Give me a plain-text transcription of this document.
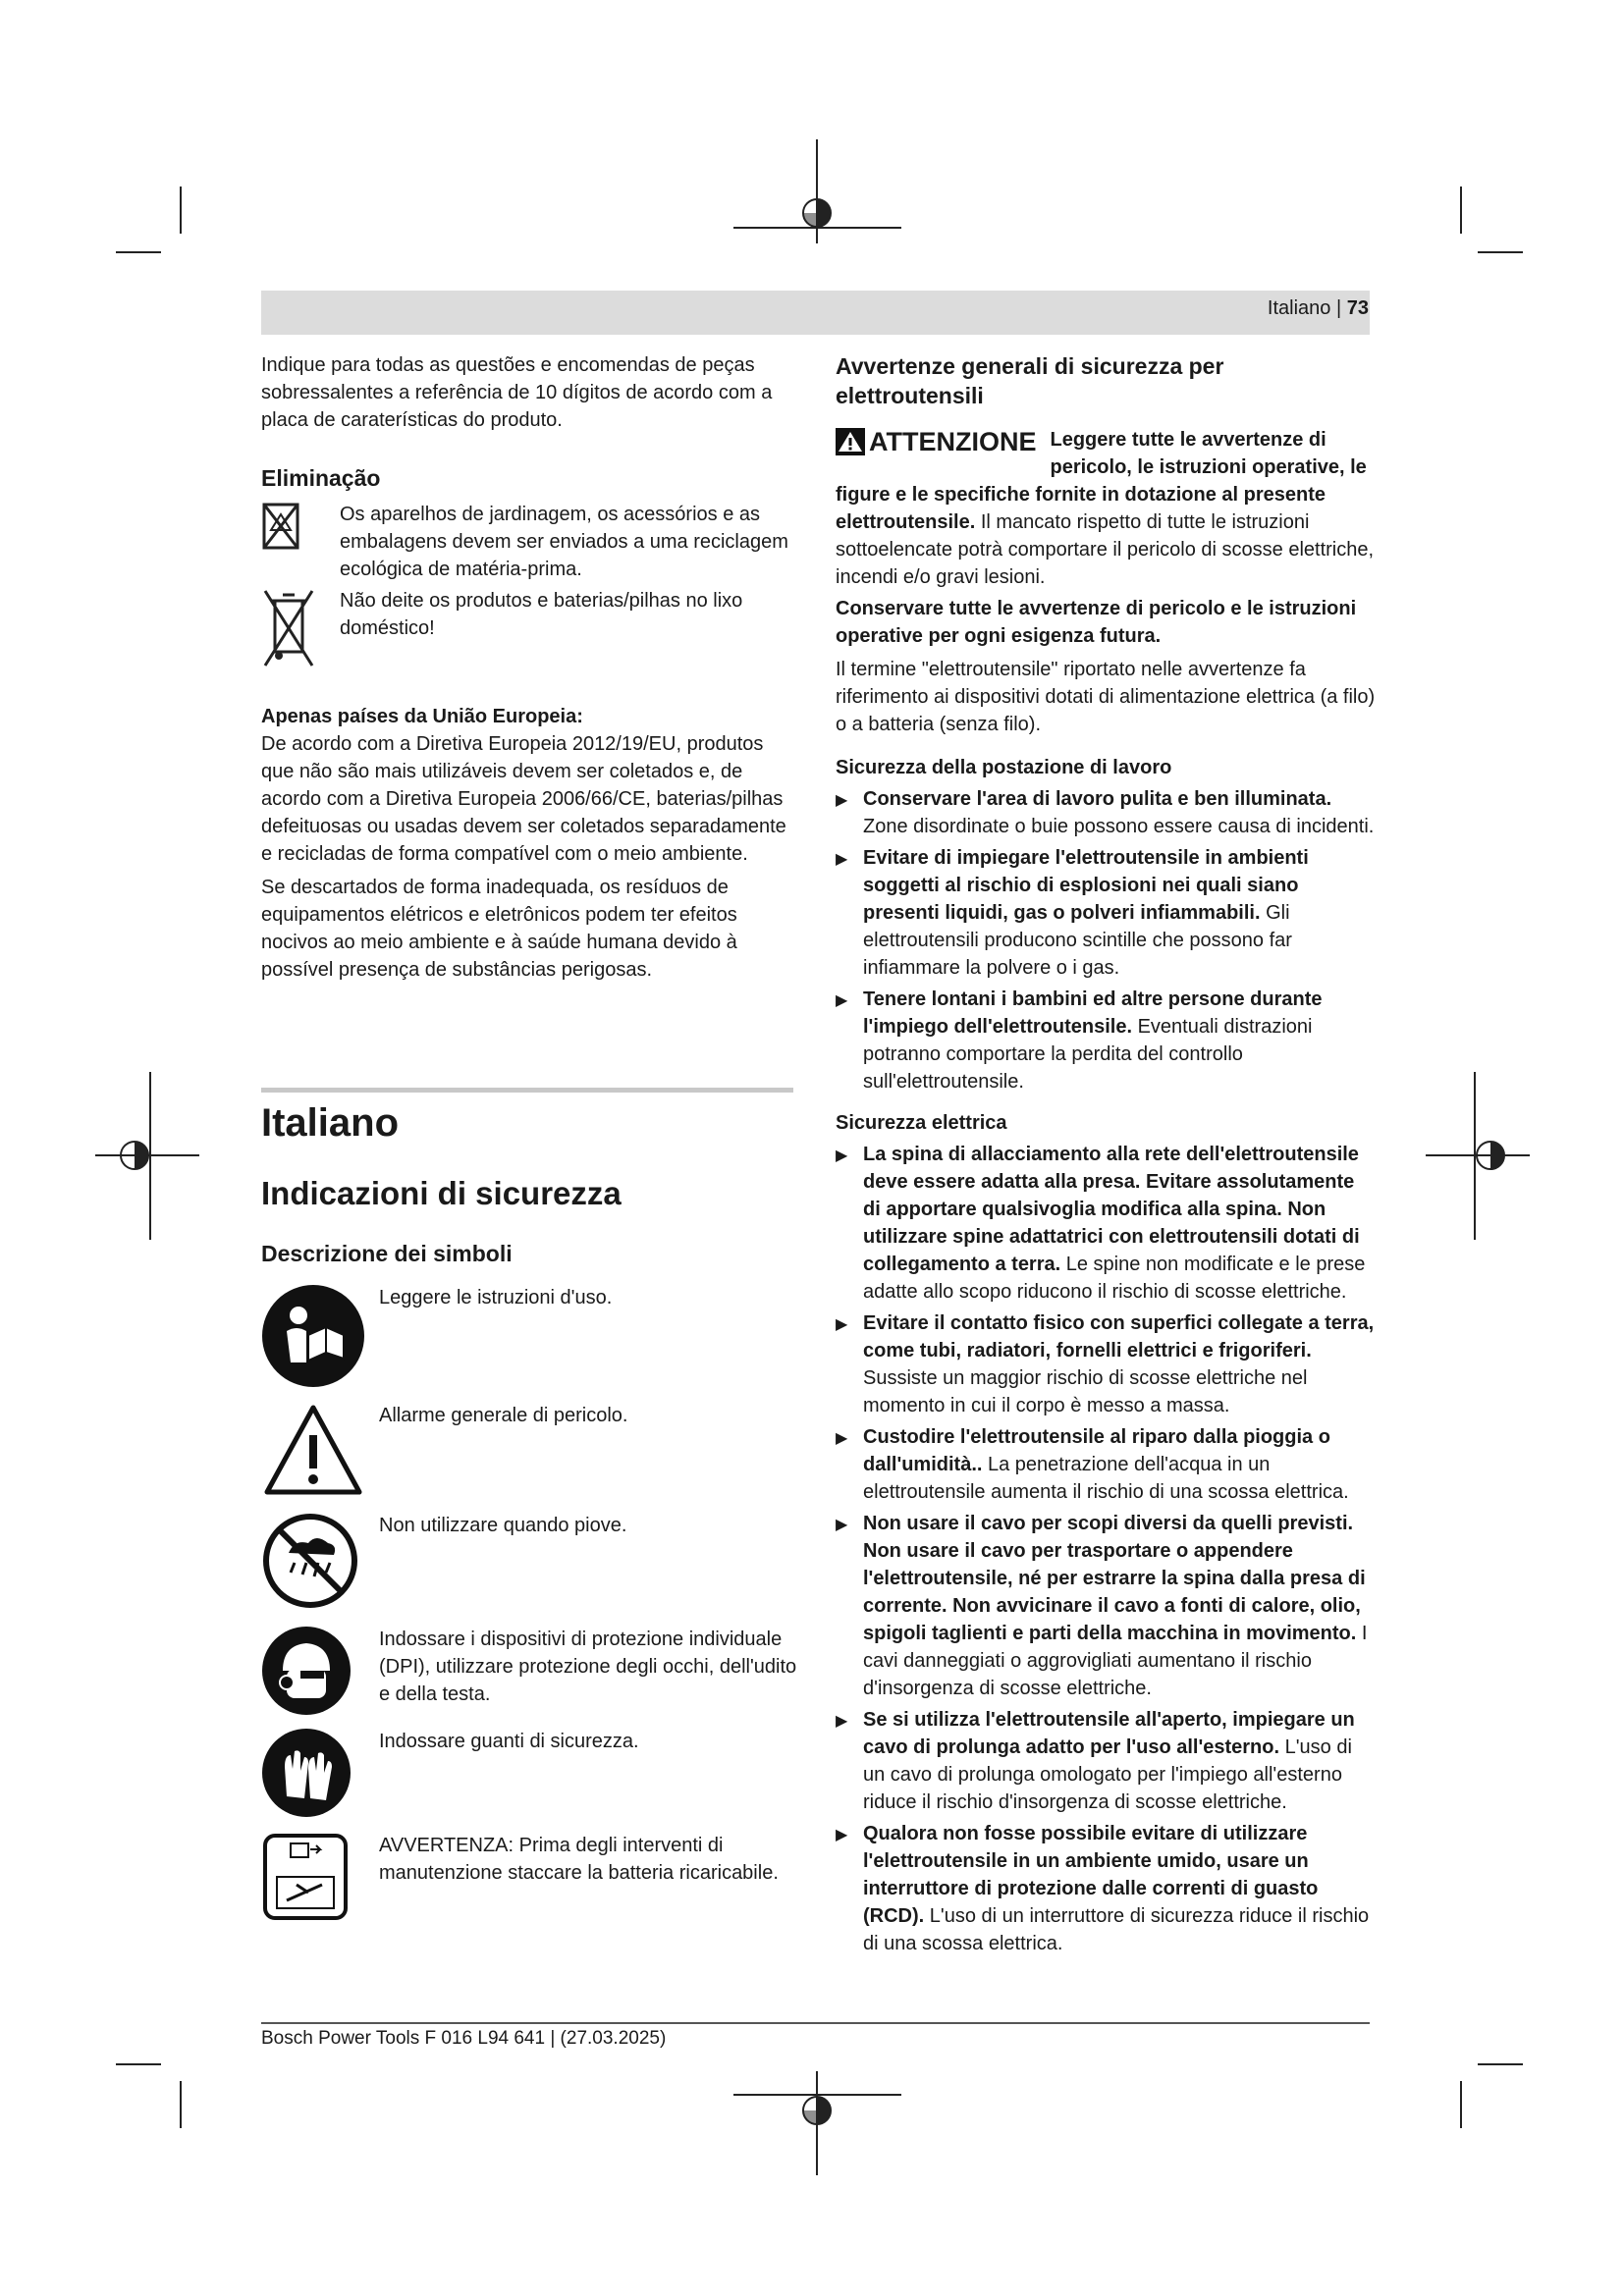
Italiano | 73

Indique para todas as questões e encomendas de peças sobressalentes a referência de 10 dígitos de acordo com a placa de caraterísticas do produto.

Eliminação
Os aparelhos de jardinagem, os acessórios e as embalagens devem ser enviados a uma reciclagem ecológica de matéria-prima.
Não deite os produtos e baterias/pilhas no lixo doméstico!

Apenas países da União Europeia:

De acordo com a Diretiva Europeia 2012/19/EU, produtos que não são mais utilizáveis devem ser coletados e, de acordo com a Diretiva Europeia 2006/66/CE, baterias/pilhas defeituosas ou usadas devem ser coletados separadamente e recicladas de forma compatível com o meio ambiente.

Se descartados de forma inadequada, os resíduos de equipamentos elétricos e eletrônicos podem ter efeitos nocivos ao meio ambiente e à saúde humana devido à possível presença de substâncias perigosas.

Italiano
Indicazioni di sicurezza
Descrizione dei simboli
Leggere le istruzioni d'uso.
Allarme generale di pericolo.
Non utilizzare quando piove.
Indossare i dispositivi di protezione individuale (DPI), utilizzare protezione degli occhi, dell'udito e della testa.
Indossare guanti di sicurezza.
AVVERTENZA: Prima degli interventi di manutenzione staccare la batteria ricaricabile.
Avvertenze generali di sicurezza per elettroutensili
ATTENZIONE Leggere tutte le avvertenze di pericolo, le istruzioni operative, le figure e le specifiche fornite in dotazione al presente elettroutensile. Il mancato rispetto di tutte le istruzioni sottoelencate potrà comportare il pericolo di scosse elettriche, incendi e/o gravi lesioni.

Conservare tutte le avvertenze di pericolo e le istruzioni operative per ogni esigenza futura.

Il termine "elettroutensile" riportato nelle avvertenze fa riferimento ai dispositivi dotati di alimentazione elettrica (a filo) o a batteria (senza filo).

Sicurezza della postazione di lavoro

▶ Conservare l'area di lavoro pulita e ben illuminata. Zone disordinate o buie possono essere causa di incidenti.
▶ Evitare di impiegare l'elettroutensile in ambienti soggetti al rischio di esplosioni nei quali siano presenti liquidi, gas o polveri infiammabili. Gli elettroutensili producono scintille che possono far infiammare la polvere o i gas.
▶ Tenere lontani i bambini ed altre persone durante l'impiego dell'elettroutensile. Eventuali distrazioni potranno comportare la perdita del controllo sull'elettroutensile.

Sicurezza elettrica

▶ La spina di allacciamento alla rete dell'elettroutensile deve essere adatta alla presa. Evitare assolutamente di apportare qualsivoglia modifica alla spina. Non utilizzare spine adattatrici con elettroutensili dotati di collegamento a terra. Le spine non modificate e le prese adatte allo scopo riducono il rischio di scosse elettriche.
▶ Evitare il contatto fisico con superfici collegate a terra, come tubi, radiatori, fornelli elettrici e frigoriferi. Sussiste un maggior rischio di scosse elettriche nel momento in cui il corpo è messo a massa.
▶ Custodire l'elettroutensile al riparo dalla pioggia o dall'umidità.. La penetrazione dell'acqua in un elettroutensile aumenta il rischio di una scossa elettrica.
▶ Non usare il cavo per scopi diversi da quelli previsti. Non usare il cavo per trasportare o appendere l'elettroutensile, né per estrarre la spina dalla presa di corrente. Non avvicinare il cavo a fonti di calore, olio, spigoli taglienti e parti della macchina in movimento. I cavi danneggiati o aggrovigliati aumentano il rischio d'insorgenza di scosse elettriche.
▶ Se si utilizza l'elettroutensile all'aperto, impiegare un cavo di prolunga adatto per l'uso all'esterno. L'uso di un cavo di prolunga omologato per l'impiego all'esterno riduce il rischio d'insorgenza di scosse elettriche.
▶ Qualora non fosse possibile evitare di utilizzare l'elettroutensile in un ambiente umido, usare un interruttore di protezione dalle correnti di guasto (RCD). L'uso di un interruttore di sicurezza riduce il rischio di una scossa elettrica.
Bosch Power Tools F 016 L94 641 | (27.03.2025)
